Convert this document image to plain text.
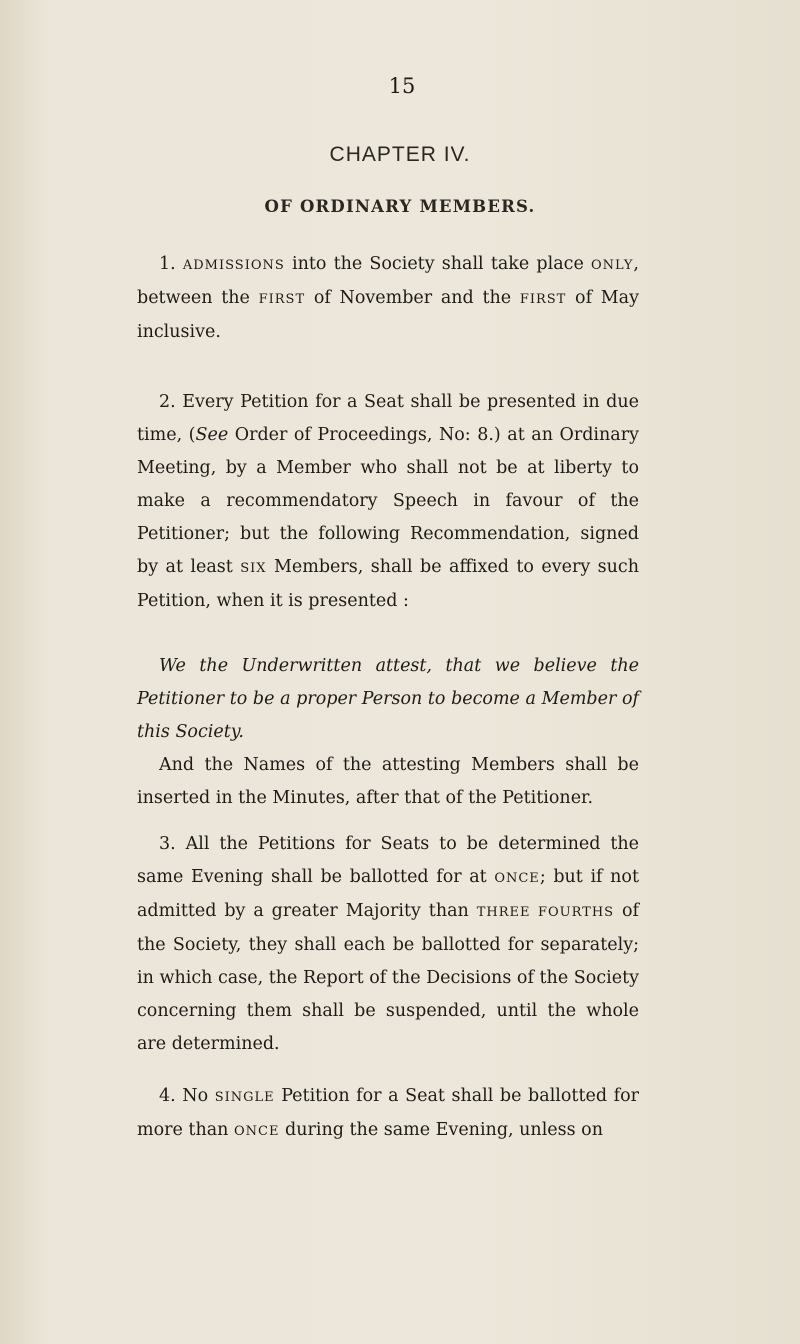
15
CHAPTER IV.
OF ORDINARY MEMBERS.

1. ADMISSIONS into the Society shall take place ONLY, between the FIRST of November and the FIRST of May inclusive.

2. Every Petition for a Seat shall be presented in due time, (See Order of Proceedings, No: 8.) at an Ordinary Meeting, by a Member who shall not be at liberty to make a recommendatory Speech in favour of the Petitioner; but the following Recommendation, signed by at least SIX Members, shall be affixed to every such Petition, when it is presented :

We the Underwritten attest, that we believe the Petitioner to be a proper Person to become a Member of this Society.

And the Names of the attesting Members shall be inserted in the Minutes, after that of the Petitioner.

3. All the Petitions for Seats to be determined the same Evening shall be ballotted for at ONCE; but if not admitted by a greater Majority than THREE FOURTHS of the Society, they shall each be ballotted for separately; in which case, the Report of the Decisions of the Society concerning them shall be suspended, until the whole are determined.

4. No SINGLE Petition for a Seat shall be ballotted for more than ONCE during the same Evening, unless on
